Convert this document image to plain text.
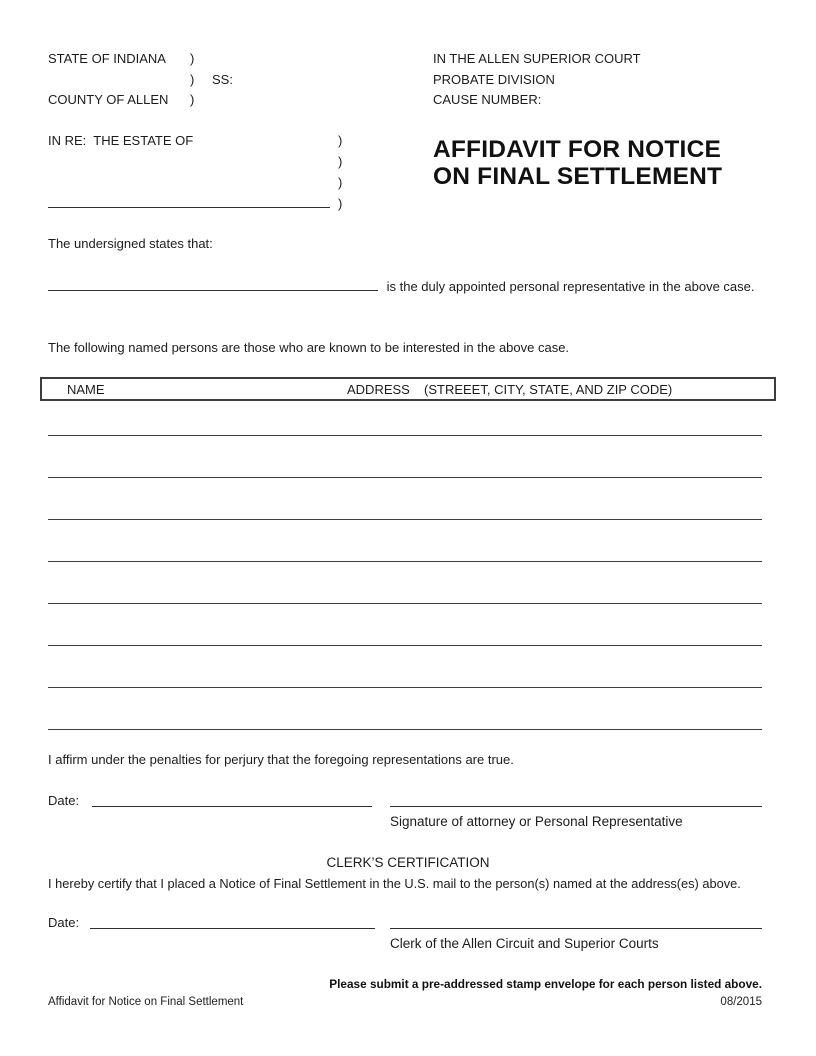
STATE OF INDIANA )	IN THE ALLEN SUPERIOR COURT
) SS:	PROBATE DIVISION
COUNTY OF ALLEN )	CAUSE NUMBER:
IN RE:  THE ESTATE OF	)
)
)
)
AFFIDAVIT FOR NOTICE
ON FINAL SETTLEMENT
The undersigned states that:
is the duly appointed personal representative in the above case.
The following named persons are those who are known to be interested in the above case.
NAME	ADDRESS (STREEET, CITY, STATE, AND ZIP CODE)
I affirm under the penalties for perjury that the foregoing representations are true.
Date:
Signature of attorney or Personal Representative
CLERK’S CERTIFICATION
I hereby certify that I placed a Notice of Final Settlement in the U.S. mail to the person(s) named at the address(es) above.
Date:
Clerk of the Allen Circuit and Superior Courts
Please submit a pre-addressed stamp envelope for each person listed above.
Affidavit for Notice on Final Settlement	08/2015
